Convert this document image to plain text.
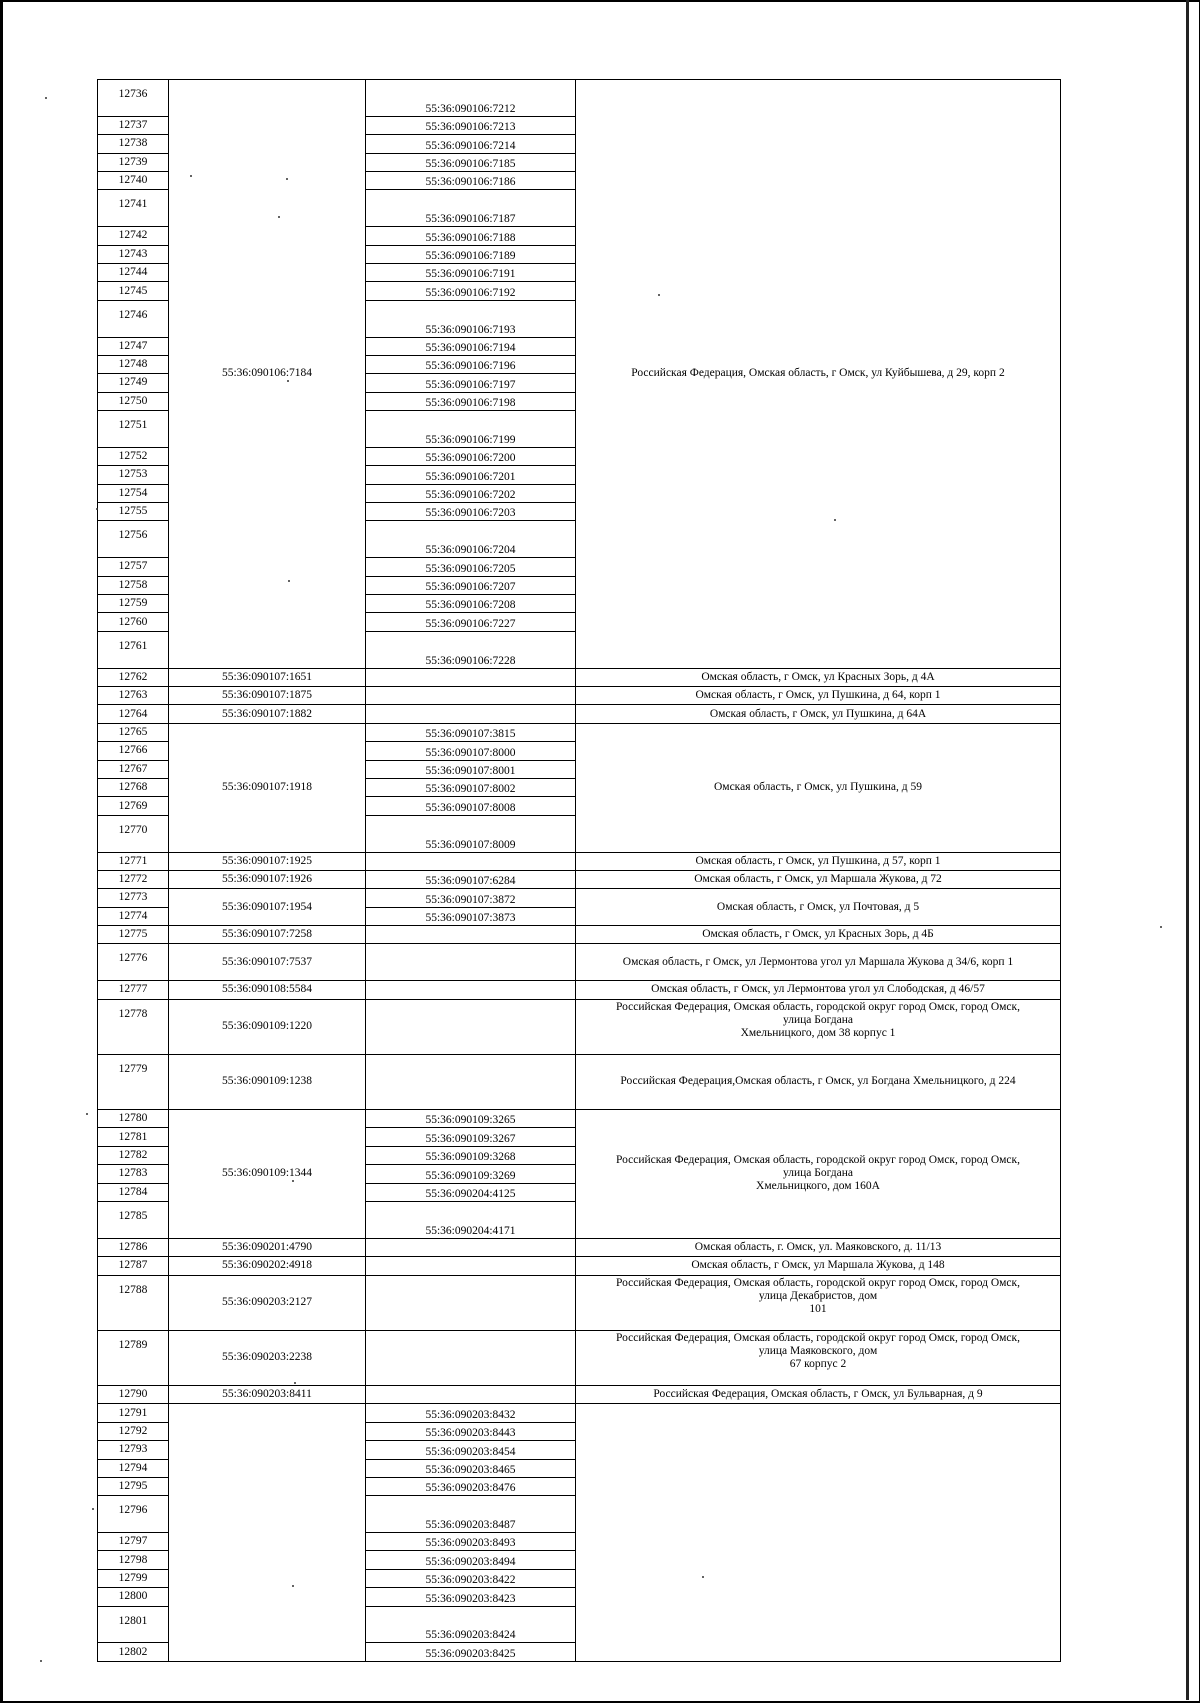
12736	55:36:090106:7184	55:36:090106:7212	Российская Федерация, Омская область, г Омск, ул Куйбышева, д 29, корп 2

12737		55:36:090106:7213	
12738		55:36:090106:7214	
12739		55:36:090106:7185	
12740		55:36:090106:7186	
12741		55:36:090106:7187	
12742		55:36:090106:7188	
12743		55:36:090106:7189	
12744		55:36:090106:7191	
12745		55:36:090106:7192	
12746		55:36:090106:7193	
12747		55:36:090106:7194	
12748		55:36:090106:7196	
12749		55:36:090106:7197	
12750		55:36:090106:7198	
12751		55:36:090106:7199	
12752		55:36:090106:7200	
12753		55:36:090106:7201	
12754		55:36:090106:7202	
12755		55:36:090106:7203	
12756		55:36:090106:7204	
12757		55:36:090106:7205	
12758		55:36:090106:7207	
12759		55:36:090106:7208	
12760		55:36:090106:7227	
12761		55:36:090106:7228	
12762	55:36:090107:1651		Омская область, г Омск, ул Красных Зорь, д 4А

12763	55:36:090107:1875		Омская область, г Омск, ул Пушкина, д 64, корп 1

12764	55:36:090107:1882		Омская область, г Омск, ул Пушкина, д 64А

12765	55:36:090107:1918	55:36:090107:3815	Омская область, г Омск, ул Пушкина, д 59

12766		55:36:090107:8000	
12767		55:36:090107:8001	
12768		55:36:090107:8002	
12769		55:36:090107:8008	
12770		55:36:090107:8009	
12771	55:36:090107:1925		Омская область, г Омск, ул Пушкина, д 57, корп 1

12772	55:36:090107:1926	55:36:090107:6284	Омская область, г Омск, ул Маршала Жукова, д 72

12773	55:36:090107:1954	55:36:090107:3872	Омская область, г Омск, ул Почтовая, д 5

12774		55:36:090107:3873	
12775	55:36:090107:7258		Омская область, г Омск, ул Красных Зорь, д 4Б

12776	55:36:090107:7537		Омская область, г Омск, ул Лермонтова угол ул Маршала Жукова д 34/6, корп 1

12777	55:36:090108:5584		Омская область, г Омск, ул Лермонтова угол ул Слободская, д 46/57

12778	55:36:090109:1220		Российская Федерация, Омская область, городской округ город Омск, город Омск,
улица Богдана
Хмельницкого, дом 38 корпус 1

12779	55:36:090109:1238		Российская Федерация,Омская область, г Омск, ул Богдана Хмельницкого, д 224

12780	55:36:090109:1344	55:36:090109:3265	Российская Федерация, Омская область, городской округ город Омск, город Омск,
улица Богдана
Хмельницкого, дом 160А

12781		55:36:090109:3267	
12782		55:36:090109:3268	
12783		55:36:090109:3269	
12784		55:36:090204:4125	
12785		55:36:090204:4171	
12786	55:36:090201:4790		Омская область, г. Омск, ул. Маяковского, д. 11/13

12787	55:36:090202:4918		Омская область, г Омск, ул Маршала Жукова, д 148

12788	55:36:090203:2127		Российская Федерация, Омская область, городской округ город Омск, город Омск,
улица Декабристов, дом
101

12789	55:36:090203:2238		Российская Федерация, Омская область, городской округ город Омск, город Омск,
улица Маяковского, дом
67 корпус 2

12790	55:36:090203:8411		Российская Федерация, Омская область, г Омск, ул Бульварная, д 9

12791		55:36:090203:8432	

12792		55:36:090203:8443	
12793		55:36:090203:8454	
12794		55:36:090203:8465	
12795		55:36:090203:8476	
12796		55:36:090203:8487	
12797		55:36:090203:8493	
12798		55:36:090203:8494	
12799		55:36:090203:8422	
12800		55:36:090203:8423	
12801		55:36:090203:8424	
12802		55:36:090203:8425	
